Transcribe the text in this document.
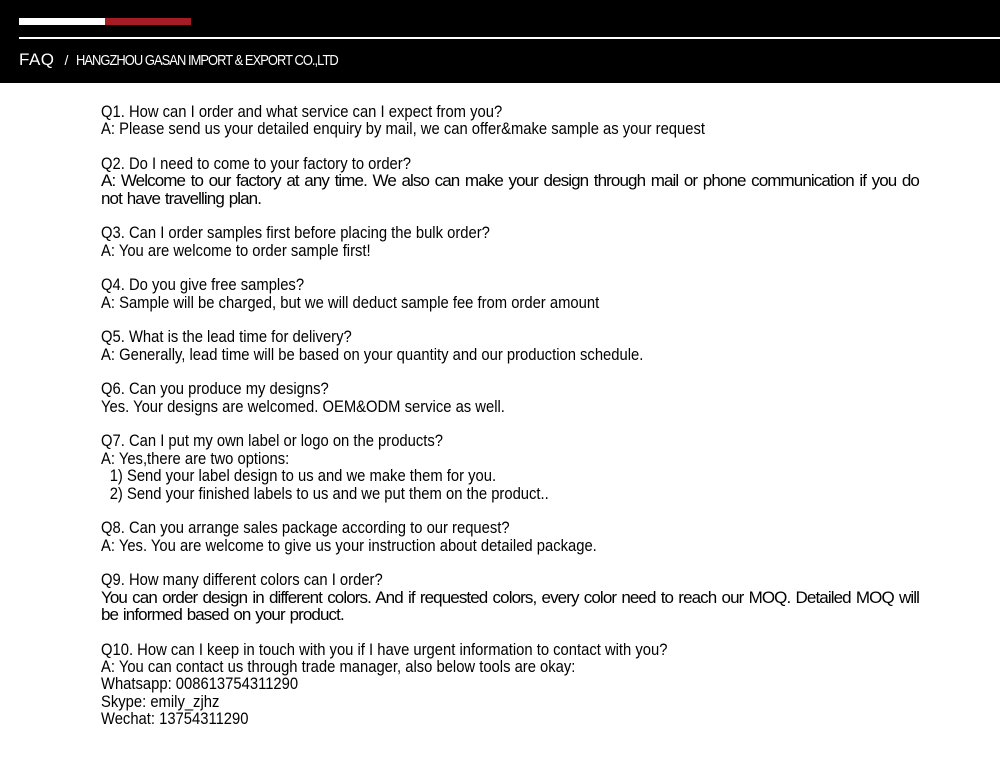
FAQ / HANGZHOU GASAN IMPORT & EXPORT CO.,LTD
Q1. How can I order and what service can I expect from you?
A: Please send us your detailed enquiry by mail, we can offer&make sample as your request
Q2. Do I need to come to your factory to order?
A: Welcome to our factory at any time. We also can make your design through mail or phone communication if you do not have travelling plan.
Q3. Can I order samples first before placing the bulk order?
A: You are welcome to order sample first!
Q4. Do you give free samples?
A: Sample will be charged, but we will deduct sample fee from order amount
Q5. What is the lead time for delivery?
A: Generally, lead time will be based on your quantity and our production schedule.
Q6. Can you produce my designs?
Yes. Your designs are welcomed. OEM&ODM service as well.
Q7. Can I put my own label or logo on the products?
A: Yes,there are two options:
1) Send your label design to us and we make them for you.
2) Send your finished labels to us and we put them on the product..
Q8. Can you arrange sales package according to our request?
A: Yes. You are welcome to give us your instruction about detailed package.
Q9. How many different colors can I order?
You can order design in different colors. And if requested colors, every color need to reach our MOQ. Detailed MOQ will be informed based on your product.
Q10. How can I keep in touch with you if I have urgent information to contact with you?
A: You can contact us through trade manager, also below tools are okay:
Whatsapp: 008613754311290
Skype: emily_zjhz
Wechat: 13754311290
